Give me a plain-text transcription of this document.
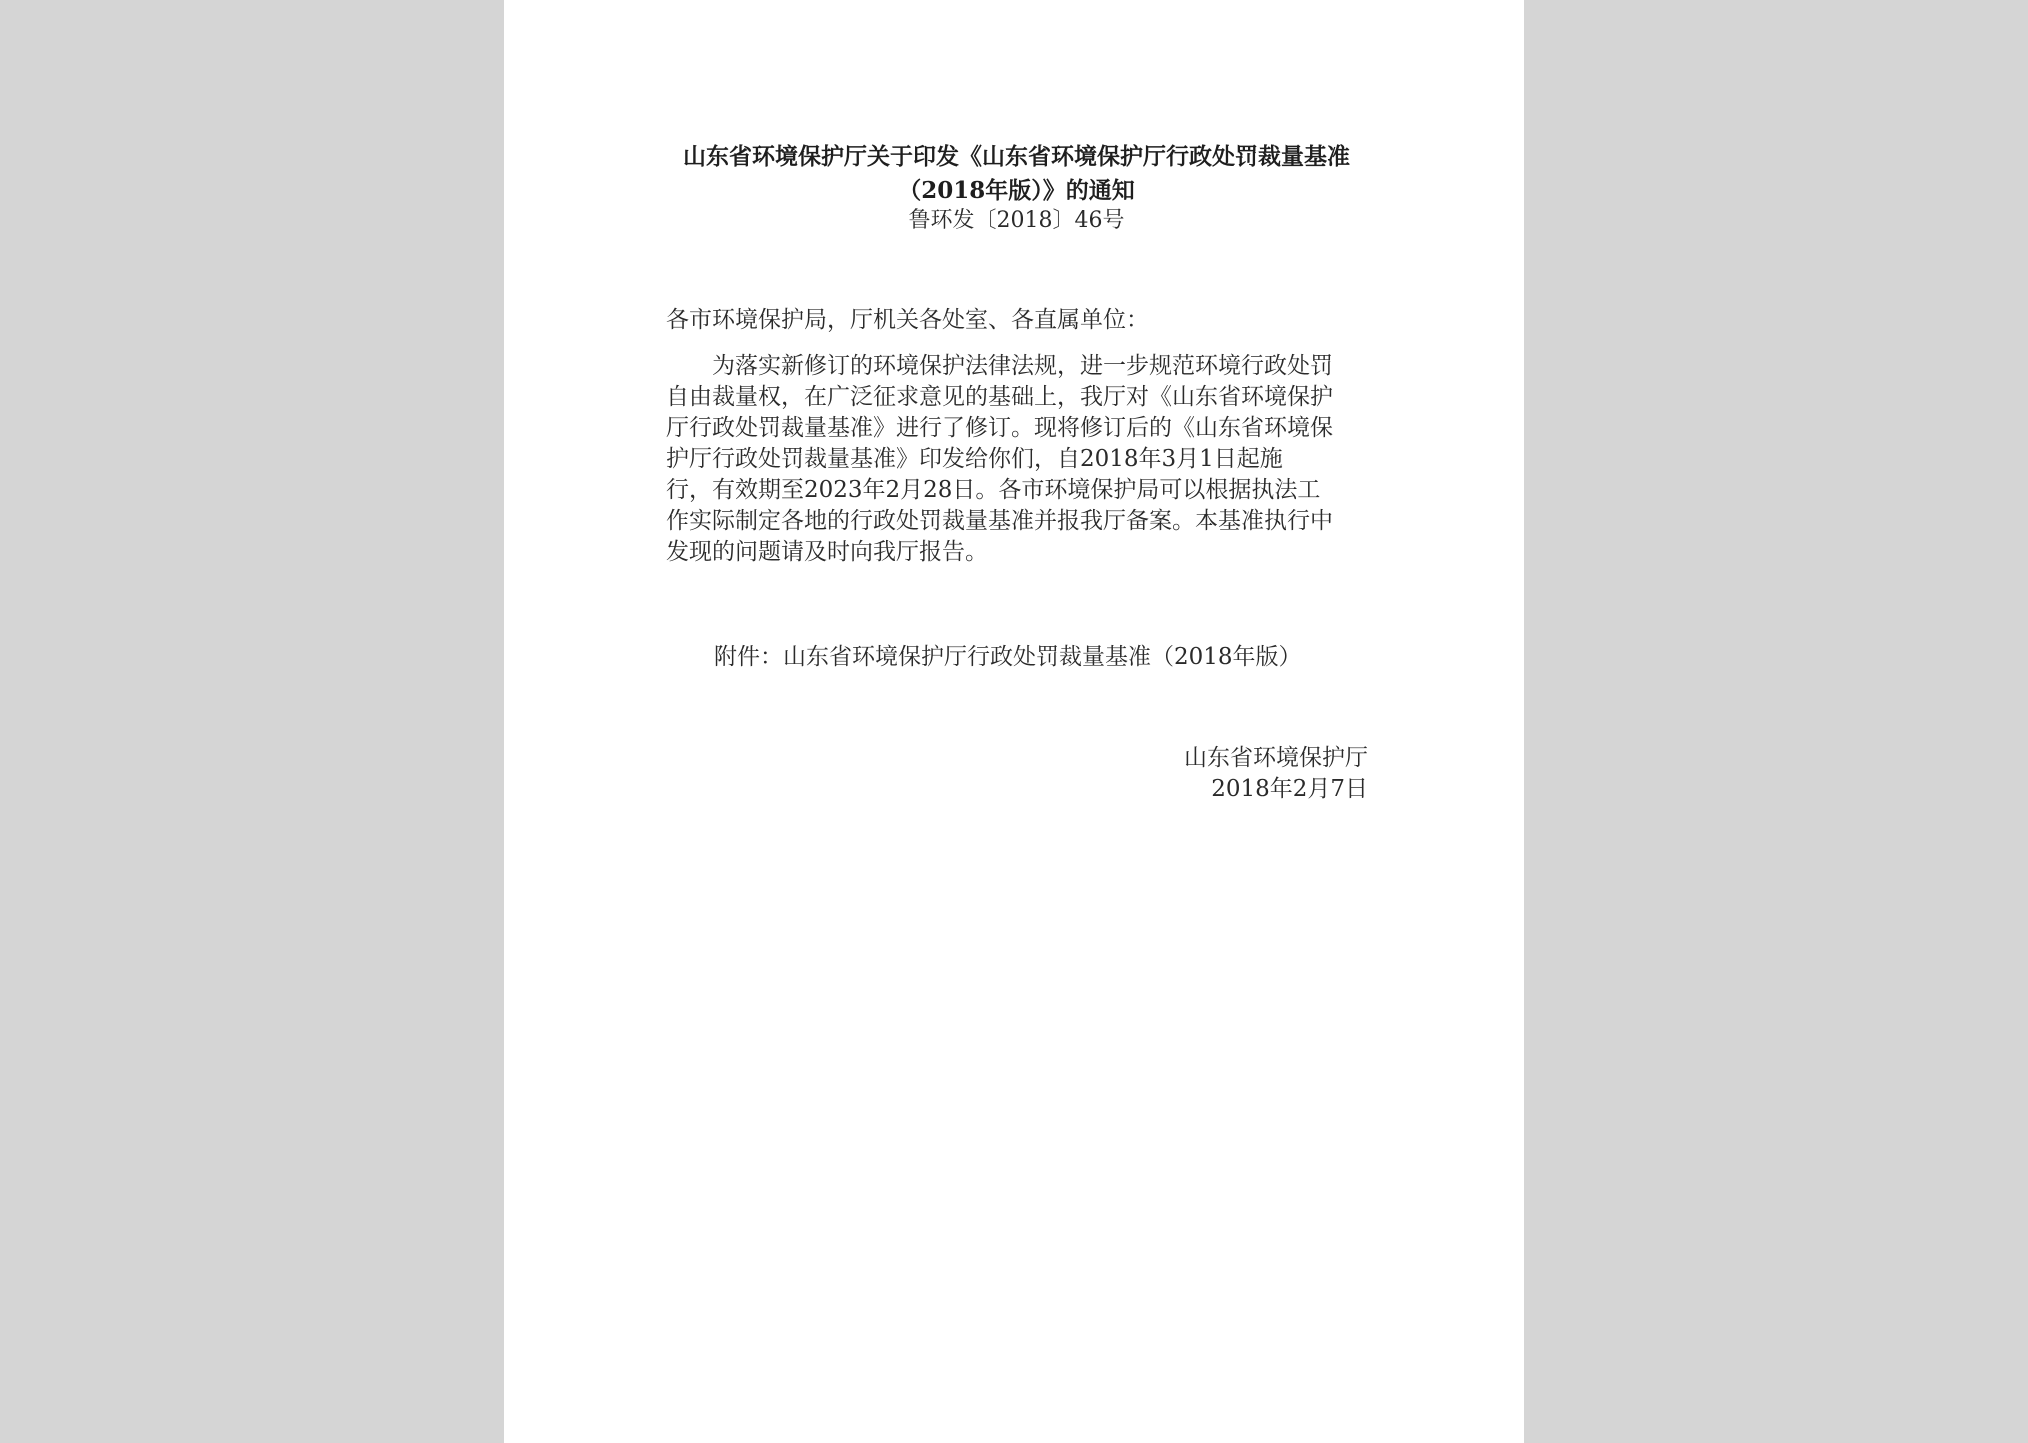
山东省环境保护厅关于印发《山东省环境保护厅行政处罚裁量基准
（2018年版）》的通知
鲁环发〔2018〕46号
各市环境保护局，厅机关各处室、各直属单位：
　　为落实新修订的环境保护法律法规，进一步规范环境行政处罚
自由裁量权，在广泛征求意见的基础上，我厅对《山东省环境保护
厅行政处罚裁量基准》进行了修订。现将修订后的《山东省环境保
护厅行政处罚裁量基准》印发给你们，自2018年3月1日起施
行，有效期至2023年2月28日。各市环境保护局可以根据执法工
作实际制定各地的行政处罚裁量基准并报我厅备案。本基准执行中
发现的问题请及时向我厅报告。
附件：山东省环境保护厅行政处罚裁量基准（2018年版）
山东省环境保护厅
2018年2月7日
